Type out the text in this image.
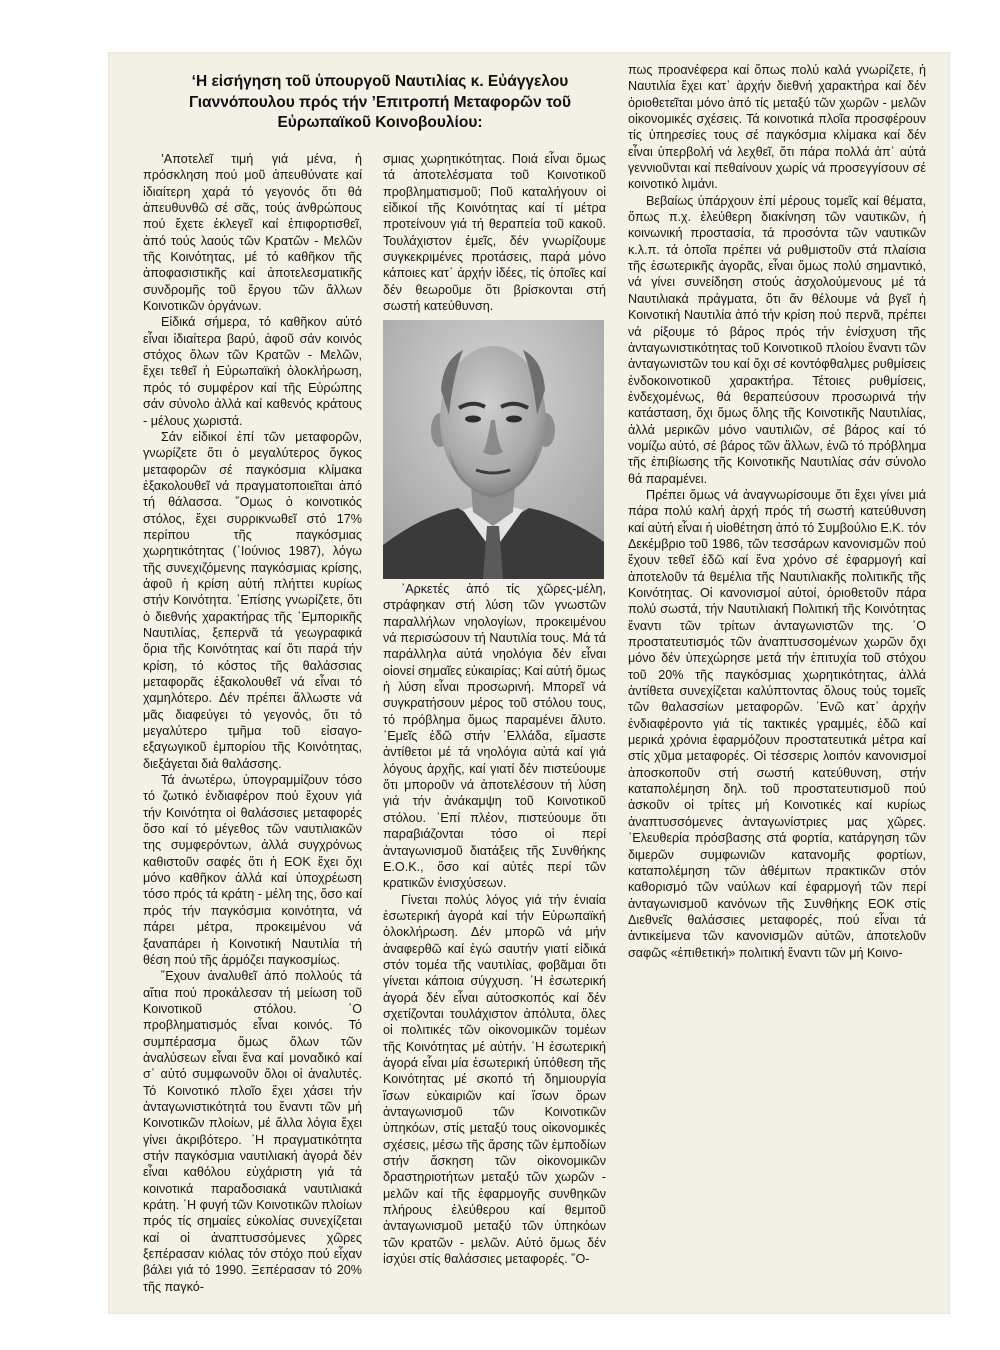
‘Η εἰσήγηση τοῦ ὑπουργοῦ Ναυτιλίας κ. Εὐάγγελου Γιαννόπουλου πρός τήν ’Επιτροπή Μεταφορῶν τοῦ Εὐρωπαϊκοῦ Κοινοβουλίου:

’Αποτελεῖ τιμή γιά μένα, ἡ πρόσκληση πού μοῦ ἀπευθύνατε καί ἰδιαίτερη χαρά τό γεγονός ὅτι θά ἀπευθυνθῶ σέ σᾶς, τούς ἀνθρώπους πού ἔχετε ἐκλεγεῖ καί ἐπιφορτισθεῖ, ἀπό τούς λαούς τῶν Κρατῶν - Μελῶν τῆς Κοινότητας, μέ τό καθῆκον τῆς ἀποφασιστικῆς καί ἀποτελεσματικῆς συνδρομῆς τοῦ ἔργου τῶν ἄλλων Κοινοτικῶν ὀργάνων.

Εἰδικά σήμερα, τό καθῆκον αὐτό εἶναι ἰδιαίτερα βαρύ, ἀφοῦ σάν κοινός στόχος ὅλων τῶν Κρατῶν - Μελῶν, ἔχει τεθεῖ ἡ Εὐρωπαϊκή ὁλοκλήρωση, πρός τό συμφέρον καί τῆς Εὐρώπης σάν σύνολο ἀλλά καί καθενός κράτους - μέλους χωριστά.

Σάν εἰδικοί ἐπί τῶν μεταφορῶν, γνωρίζετε ὅτι ὁ μεγαλύτερος ὄγκος μεταφορῶν σέ παγκόσμια κλίμακα ἐξακολουθεῖ νά πραγματοποιεῖται ἀπό τή θάλασσα. ῞Ομως ὁ κοινοτικός στόλος, ἔχει συρρικνωθεῖ στό 17% περίπου τῆς παγκόσμιας χωρητικότητας (᾽Ιούνιος 1987), λόγω τῆς συνεχιζόμενης παγκόσμιας κρίσης, ἀφοῦ ἡ κρίση αὐτή πλήττει κυρίως στήν Κοινότητα. ᾽Επίσης γνωρίζετε, ὅτι ὁ διεθνής χαρακτήρας τῆς ᾽Εμπορικῆς Ναυτιλίας, ξεπερνᾶ τά γεωγραφικά ὅρια τῆς Κοινότητας καί ὅτι παρά τήν κρίση, τό κόστος τῆς θαλάσσιας μεταφορᾶς ἐξακολουθεῖ νά εἶναι τό χαμηλότερο. Δέν πρέπει ἄλλωστε νά μᾶς διαφεύγει τό γεγονός, ὅτι τό μεγαλύτερο τμῆμα τοῦ εἰσαγο-εξαγωγικοῦ ἐμπορίου τῆς Κοινότητας, διεξάγεται διά θαλάσσης.

Τά ἀνωτέρω, ὑπογραμμίζουν τόσο τό ζωτικό ἐνδιαφέρον πού ἔχουν γιά τήν Κοινότητα οἱ θαλάσσιες μεταφορές ὅσο καί τό μέγεθος τῶν ναυτιλιακῶν της συμφερόντων, ἀλλά συγχρόνως καθιστοῦν σαφές ὅτι ἡ ΕΟΚ ἔχει ὄχι μόνο καθῆκον ἀλλά καί ὑποχρέωση τόσο πρός τά κράτη - μέλη της, ὅσο καί πρός τήν παγκόσμια κοινότητα, νά πάρει μέτρα, προκειμένου νά ξαναπάρει ἡ Κοινοτική Ναυτιλία τή θέση πού τῆς ἁρμόζει παγκοσμίως.

῞Εχουν ἀναλυθεῖ ἀπό πολλούς τά αἴτια πού προκάλεσαν τή μείωση τοῦ Κοινοτικοῦ στόλου. ᾽Ο προβληματισμός εἶναι κοινός. Τό συμπέρασμα ὅμως ὅλων τῶν ἀναλύσεων εἶναι ἕνα καί μοναδικό καί σ᾽ αὐτό συμφωνοῦν ὅλοι οἱ ἀναλυτές. Τό Κοινοτικό πλοῖο ἔχει χάσει τήν ἀνταγωνιστικότητά του ἔναντι τῶν μή Κοινοτικῶν πλοίων, μέ ἄλλα λόγια ἔχει γίνει ἀκριβότερο. ᾽Η πραγματικότητα στήν παγκόσμια ναυτιλιακή ἀγορά δέν εἶναι καθόλου εὐχάριστη γιά τά κοινοτικά παραδοσιακά ναυτιλιακά κράτη. ᾽Η φυγή τῶν Κοινοτικῶν πλοίων πρός τίς σημαίες εὐκολίας συνεχίζεται καί οἱ ἀναπτυσσόμενες χῶρες ξεπέρασαν κιόλας τόν στόχο πού εἶχαν βάλει γιά τό 1990. Ξεπέρασαν τό 20% τῆς παγκό-

σμιας χωρητικότητας. Ποιά εἶναι ὅμως τά ἀποτελέσματα τοῦ Κοινοτικοῦ προβληματισμοῦ; Ποῦ καταλήγουν οἱ εἰδικοί τῆς Κοινότητας καί τί μέτρα προτείνουν γιά τή θεραπεία τοῦ κακοῦ. Τουλάχιστον ἐμεῖς, δέν γνωρίζουμε συγκεκριμένες προτάσεις, παρά μόνο κάποιες κατ᾽ ἀρχήν ἰδέες, τίς ὁποῖες καί δέν θεωροῦμε ὅτι βρίσκονται στή σωστή κατεύθυνση.

᾽Αρκετές ἀπό τίς χῶρες-μέλη, στράφηκαν στή λύση τῶν γνωστῶν παραλλήλων νηολογίων, προκειμένου νά περισώσουν τή Ναυτιλία τους. Μά τά παράλληλα αὐτά νηολόγια δέν εἶναι οἱονεί σημαῖες εὐκαιρίας; Καί αὐτή ὅμως ἡ λύση εἶναι προσωρινή. Μπορεῖ νά συγκρατήσουν μέρος τοῦ στόλου τους, τό πρόβλημα ὅμως παραμένει ἄλυτο. ᾽Εμεῖς ἐδῶ στήν ῾Ελλάδα, εἴμαστε ἀντίθετοι μέ τά νηολόγια αὐτά καί γιά λόγους ἀρχῆς, καί γιατί δέν πιστεύουμε ὅτι μποροῦν νά ἀποτελέσουν τή λύση γιά τήν ἀνάκαμψη τοῦ Κοινοτικοῦ στόλου. ᾽Επί πλέον, πιστεύουμε ὅτι παραβιάζονται τόσο οἱ περί ἀνταγωνισμοῦ διατάξεις τῆς Συνθήκης Ε.Ο.Κ., ὅσο καί αὐτές περί τῶν κρατικῶν ἐνισχύσεων.

Γίνεται πολύς λόγος γιά τήν ἑνιαία ἐσωτερική ἀγορά καί τήν Εὐρωπαϊκή ὁλοκλήρωση. Δέν μπορῶ νά μήν ἀναφερθῶ καί ἐγώ σαυτήν γιατί εἰδικά στόν τομέα τῆς ναυτιλίας, φοβᾶμαι ὅτι γίνεται κάποια σύγχυση. ᾽Η ἐσωτερική ἀγορά δέν εἶναι αὐτοσκοπός καί δέν σχετίζονται τουλάχιστον ἀπόλυτα, ὅλες οἱ πολιτικές τῶν οἰκονομικῶν τομέων τῆς Κοινότητας μέ αὐτήν. ᾽Η ἐσωτερική ἀγορά εἶναι μία ἐσωτερική ὑπόθεση τῆς Κοινότητας μέ σκοπό τή δημιουργία ἴσων εὐκαιριῶν καί ἴσων ὅρων ἀνταγωνισμοῦ τῶν Κοινοτικῶν ὑπηκόων, στίς μεταξύ τους οἰκονομικές σχέσεις, μέσω τῆς ἄρσης τῶν ἐμποδίων στήν ἄσκηση τῶν οἰκονομικῶν δραστηριοτήτων μεταξύ τῶν χωρῶν - μελῶν καί τῆς ἐφαρμογῆς συνθηκῶν πλήρους ἐλεύθερου καί θεμιτοῦ ἀνταγωνισμοῦ μεταξύ τῶν ὑπηκόων τῶν κρατῶν - μελῶν. Αὐτό ὅμως δέν ἰσχύει στίς θαλάσσιες μεταφορές. ῞Ο-

πως προανέφερα καί ὅπως πολύ καλά γνωρίζετε, ἡ Ναυτιλία ἔχει κατ᾽ ἀρχήν διεθνή χαρακτήρα καί δέν ὁριοθετεῖται μόνο ἀπό τίς μεταξύ τῶν χωρῶν - μελῶν οἰκονομικές σχέσεις. Τά κοινοτικά πλοῖα προσφέρουν τίς ὑπηρεσίες τους σέ παγκόσμια κλίμακα καί δέν εἶναι ὑπερβολή νά λεχθεῖ, ὅτι πάρα πολλά ἀπ᾽ αὐτά γεννιοῦνται καί πεθαίνουν χωρίς νά προσεγγίσουν σέ κοινοτικό λιμάνι.

Βεβαίως ὑπάρχουν ἐπί μέρους τομεῖς καί θέματα, ὅπως π.χ. ἐλεύθερη διακίνηση τῶν ναυτικῶν, ἡ κοινωνική προστασία, τά προσόντα τῶν ναυτικῶν κ.λ.π. τά ὁποῖα πρέπει νά ρυθμιστοῦν στά πλαίσια τῆς ἐσωτερικῆς ἀγορᾶς, εἶναι ὅμως πολύ σημαντικό, νά γίνει συνείδηση στούς ἀσχολούμενους μέ τά Ναυτιλιακά πράγματα, ὅτι ἄν θέλουμε νά βγεῖ ἡ Κοινοτική Ναυτιλία ἀπό τήν κρίση πού περνᾶ, πρέπει νά ρίξουμε τό βάρος πρός τήν ἐνίσχυση τῆς ἀνταγωνιστικότητας τοῦ Κοινοτικοῦ πλοίου ἔναντι τῶν ἀνταγωνιστῶν του καί ὄχι σέ κοντόφθαλμες ρυθμίσεις ἐνδοκοινοτικοῦ χαρακτήρα. Τέτοιες ρυθμίσεις, ἐνδεχομένως, θά θεραπεύσουν προσωρινά τήν κατάσταση, ὄχι ὅμως ὅλης τῆς Κοινοτικῆς Ναυτιλίας, ἀλλά μερικῶν μόνο ναυτιλιῶν, σέ βάρος καί τό νομίζω αὐτό, σέ βάρος τῶν ἄλλων, ἐνῶ τό πρόβλημα τῆς ἐπιβίωσης τῆς Κοινοτικῆς Ναυτιλίας σάν σύνολο θά παραμένει.

Πρέπει ὅμως νά ἀναγνωρίσουμε ὅτι ἔχει γίνει μιά πάρα πολύ καλή ἀρχή πρός τή σωστή κατεύθυνση καί αὐτή εἶναι ἡ υἱοθέτηση ἀπό τό Συμβούλιο Ε.Κ. τόν Δεκέμβριο τοῦ 1986, τῶν τεσσάρων κανονισμῶν πού ἔχουν τεθεῖ ἐδῶ καί ἕνα χρόνο σέ ἐφαρμογή καί ἀποτελοῦν τά θεμέλια τῆς Ναυτιλιακῆς πολιτικῆς τῆς Κοινότητας. Οἱ κανονισμοί αὐτοί, ὁριοθετοῦν πάρα πολύ σωστά, τήν Ναυτιλιακή Πολιτική τῆς Κοινότητας ἔναντι τῶν τρίτων ἀνταγωνιστῶν της. ᾽Ο προστατευτισμός τῶν ἀναπτυσσομένων χωρῶν ὄχι μόνο δέν ὑπεχώρησε μετά τήν ἐπιτυχία τοῦ στόχου τοῦ 20% τῆς παγκόσμιας χωρητικότητας, ἀλλά ἀντίθετα συνεχίζεται καλύπτοντας ὅλους τούς τομεῖς τῶν θαλασσίων μεταφορῶν. ᾽Ενῶ κατ᾽ ἀρχήν ἐνδιαφέροντο γιά τίς τακτικές γραμμές, ἐδῶ καί μερικά χρόνια ἐφαρμόζουν προστατευτικά μέτρα καί στίς χῦμα μεταφορές. Οἱ τέσσερις λοιπόν κανονισμοί ἀποσκοποῦν στή σωστή κατεύθυνση, στήν καταπολέμηση δηλ. τοῦ προστατευτισμοῦ πού ἀσκοῦν οἱ τρίτες μή Κοινοτικές καί κυρίως ἀναπτυσσόμενες ἀνταγωνίστριες μας χῶρες. ᾽Ελευθερία πρόσβασης στά φορτία, κατάργηση τῶν διμερῶν συμφωνιῶν κατανομῆς φορτίων, καταπολέμηση τῶν ἀθέμιτων πρακτικῶν στόν καθορισμό τῶν ναύλων καί ἐφαρμογή τῶν περί ἀνταγωνισμοῦ κανόνων τῆς Συνθήκης ΕΟΚ στίς Διεθνεῖς θαλάσσιες μεταφορές, πού εἶναι τά ἀντικείμενα τῶν κανονισμῶν αὐτῶν, ἀποτελοῦν σαφῶς «ἐπιθετική» πολιτική ἔναντι τῶν μή Κοινο-
